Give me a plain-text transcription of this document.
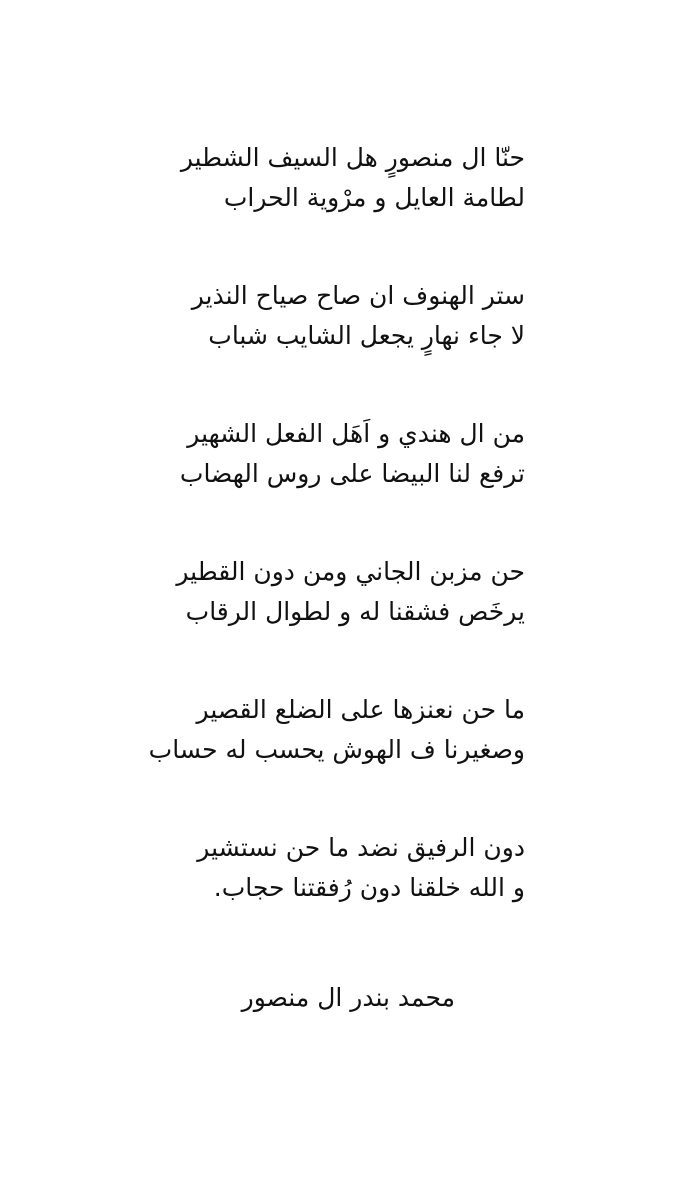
حنّا ال منصورٍ هل السيف الشطير
لطامة العايل و مرْوية الحراب
ستر الهنوف ان صاح صياح النذير
لا جاء نهارٍ يجعل الشايب شباب
من ال هندي و اَهَل الفعل الشهير
ترفع لنا البيضا على روس الهضاب
حن مزبن الجاني ومن دون القطير
يرخَص فشقنا له و لطوال الرقاب
ما حن نعنزها على الضلع القصير
وصغيرنا ف الهوش يحسب له حساب
دون الرفيق نضد ما حن نستشير
و الله خلقنا دون رُفقتنا حجاب.
محمد بندر ال منصور
